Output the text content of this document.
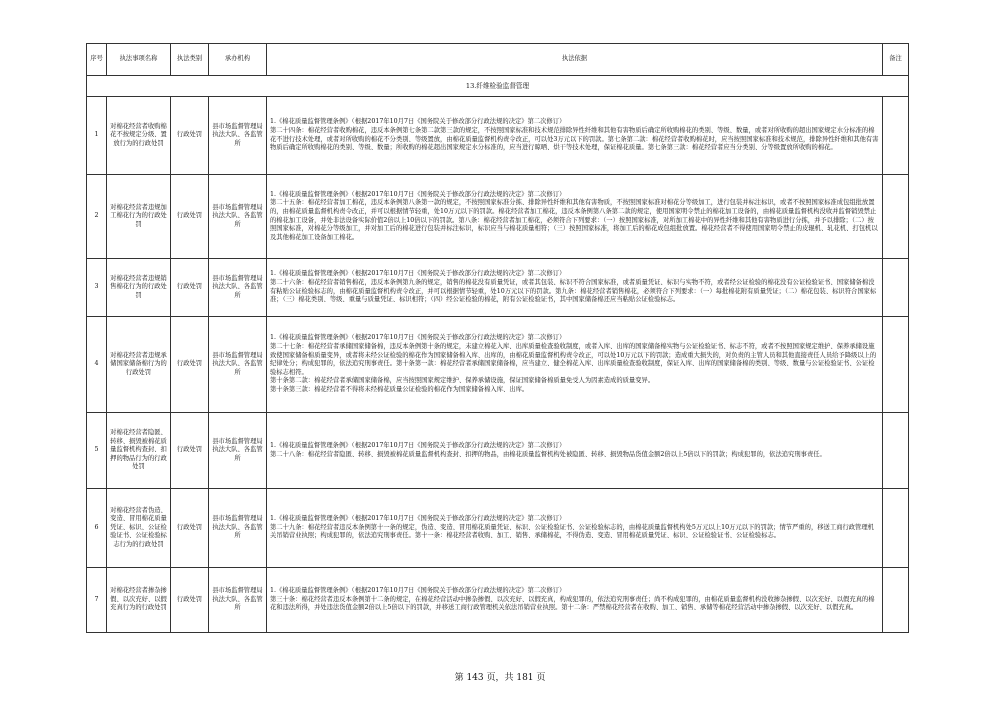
序号	执法事项名称	执法类别	承办机构	执法依据	备注
13.纤维检验监督管理					
1	对棉花经营者收购棉花不按规定分级、置放行为的行政处罚	行政处罚	县市场监督管理局执法大队、各监管所	1.《棉花质量监督管理条例》（根据2017年10月7日《国务院关于修改部分行政法规的决定》第二次修订）

第二十四条：棉花经营者收购棉花，违反本条例第七条第二款第三款的规定，不按照国家标准和技术规范排除异性纤维和其他有害物质后确定所收购棉花的类别、等级、数量，或者对所收购的超出国家规定水分标准的棉花不进行技术处理，或者对所收购的棉花不分类别、等级置放，由棉花质量监督机构责令改正，可以处3万元以下的罚款。第七条第二款：棉花经营者收购棉花时，应当按照国家标准和技术规范，排除异性纤维和其他有害物质后确定所收购棉花的类别、等级、数量；所收购的棉花超出国家规定水分标准的，应当进行晾晒、烘干等技术处理，保证棉花质量。第七条第三款：棉花经营者应当分类别、分等级置放所收购的棉花。	

2	对棉花经营者违规加工棉花行为的行政处罚	行政处罚	县市场监督管理局执法大队、各监管所	1.《棉花质量监督管理条例》（根据2017年10月7日《国务院关于修改部分行政法规的决定》第二次修订）

第二十五条：棉花经营者加工棉花，违反本条例第八条第一款的规定，不按照国家标准分拣、排除异性纤维和其他有害物质，不按照国家标准对棉花分等级加工，进行包装并标注标识，或者不按照国家标准成包组批放置的，由棉花质量监督机构责令改正，并可以根据情节轻重，处10万元以下的罚款。棉花经营者加工棉花，违反本条例第八条第二款的规定，使用国家明令禁止的棉花加工设备的，由棉花质量监督机构没收并监督销毁禁止的棉花加工设备，并处非法设备实际价值2倍以上10倍以下的罚款。第八条：棉花经营者加工棉花，必须符合下列要求：（一）按照国家标准，对所加工棉花中的异性纤维和其他有害物质进行分拣，并予以排除；（二）按照国家标准，对棉花分等级加工，并对加工后的棉花进行包装并标注标识，标识应当与棉花质量相符；（三）按照国家标准，将加工后的棉花成包组批放置。棉花经营者不得使用国家明令禁止的皮辊机、轧花机、打包机以及其他棉花加工设备加工棉花。	

3	对棉花经营者违规销售棉花行为的行政处罚	行政处罚	县市场监督管理局执法大队、各监管所	1.《棉花质量监督管理条例》（根据2017年10月7日《国务院关于修改部分行政法规的决定》第二次修订）

第二十六条：棉花经营者销售棉花，违反本条例第九条的规定，销售的棉花没有质量凭证，或者其包装、标识不符合国家标准，或者质量凭证、标识与实物不符，或者经公证检验的棉花没有公证检验证书、国家储备棉没有粘贴公证检验标志的，由棉花质量监督机构责令改正，并可以根据情节轻重，处10万元以下的罚款。第九条：棉花经营者销售棉花，必须符合下列要求：（一）每批棉花附有质量凭证；（二）棉花包装、标识符合国家标准；（三）棉花类别、等级、重量与质量凭证、标识相符；（四）经公证检验的棉花，附有公证检验证书，其中国家储备棉还应当粘贴公证检验标志。	

4	对棉花经营者违规承储国家储备棉行为的行政处罚	行政处罚	县市场监督管理局执法大队、各监管所	1.《棉花质量监督管理条例》（根据2017年10月7日《国务院关于修改部分行政法规的决定》第二次修订）

第二十七条：棉花经营者承储国家储备棉，违反本条例第十条的规定，未建立棉花入库、出库质量检查验收制度，或者入库、出库的国家储备棉实物与公证检验证书、标志不符，或者不按照国家规定维护、保养承储设施致使国家储备棉质量变异，或者将未经公证检验的棉花作为国家储备棉入库、出库的，由棉花质量监督机构责令改正，可以处10万元以下的罚款；造成重大损失的，对负责的主管人员和其他直接责任人员给予降级以上的纪律处分；构成犯罪的，依法追究刑事责任。第十条第一款：棉花经营者承储国家储备棉，应当建立、健全棉花入库、出库质量检查验收制度，保证入库、出库的国家储备棉的类别、等级、数量与公证检验证书、公证检验标志相符。

第十条第二款：棉花经营者承储国家储备棉，应当按照国家规定维护、保养承储设施，保证国家储备棉质量免受人为因素造成的质量变异。

第十条第三款：棉花经营者不得将未经棉花质量公证检验的棉花作为国家储备棉入库、出库。	

5	对棉花经营者隐匿、转移、损毁被棉花质量监督机构查封、扣押的物品行为的行政处罚	行政处罚	县市场监督管理局执法大队、各监管所	1.《棉花质量监督管理条例》（根据2017年10月7日《国务院关于修改部分行政法规的决定》第二次修订）

第二十八条：棉花经营者隐匿、转移、损毁被棉花质量监督机构查封、扣押的物品，由棉花质量监督机构处被隐匿、转移、损毁物品货值金额2倍以上5倍以下的罚款；构成犯罪的，依法追究刑事责任。	

6	对棉花经营者伪造、变造、冒用棉花质量凭证、标识、公证检验证书、公证检验标志行为的行政处罚	行政处罚	县市场监督管理局执法大队、各监管所	1.《棉花质量监督管理条例》（根据2017年10月7日《国务院关于修改部分行政法规的决定》第二次修订）

第二十九条：棉花经营者违反本条例第十一条的规定，伪造、变造、冒用棉花质量凭证、标识、公证检验证书、公证检验标志的，由棉花质量监督机构处5万元以上10万元以下的罚款；情节严重的，移送工商行政管理机关吊销营业执照；构成犯罪的，依法追究刑事责任。第十一条：棉花经营者收购、加工、销售、承储棉花，不得伪造、变造、冒用棉花质量凭证、标识、公证检验证书、公证检验标志。	

7	对棉花经营者掺杂掺假、以次充好、以假充真行为的行政处罚	行政处罚	县市场监督管理局执法大队、各监管所	1.《棉花质量监督管理条例》（根据2017年10月7日《国务院关于修改部分行政法规的决定》第二次修订）

第三十条：棉花经营者违反本条例第十二条的规定，在棉花经营活动中掺杂掺假、以次充好、以假充真，构成犯罪的，依法追究刑事责任；尚不构成犯罪的，由棉花质量监督机构没收掺杂掺假、以次充好、以假充真的棉花和违法所得，并处违法货值金额2倍以上5倍以下的罚款，并移送工商行政管理机关依法吊销营业执照。第十二条：严禁棉花经营者在收购、加工、销售、承储等棉花经营活动中掺杂掺假、以次充好、以假充真。	

第 143 页，共 181 页
